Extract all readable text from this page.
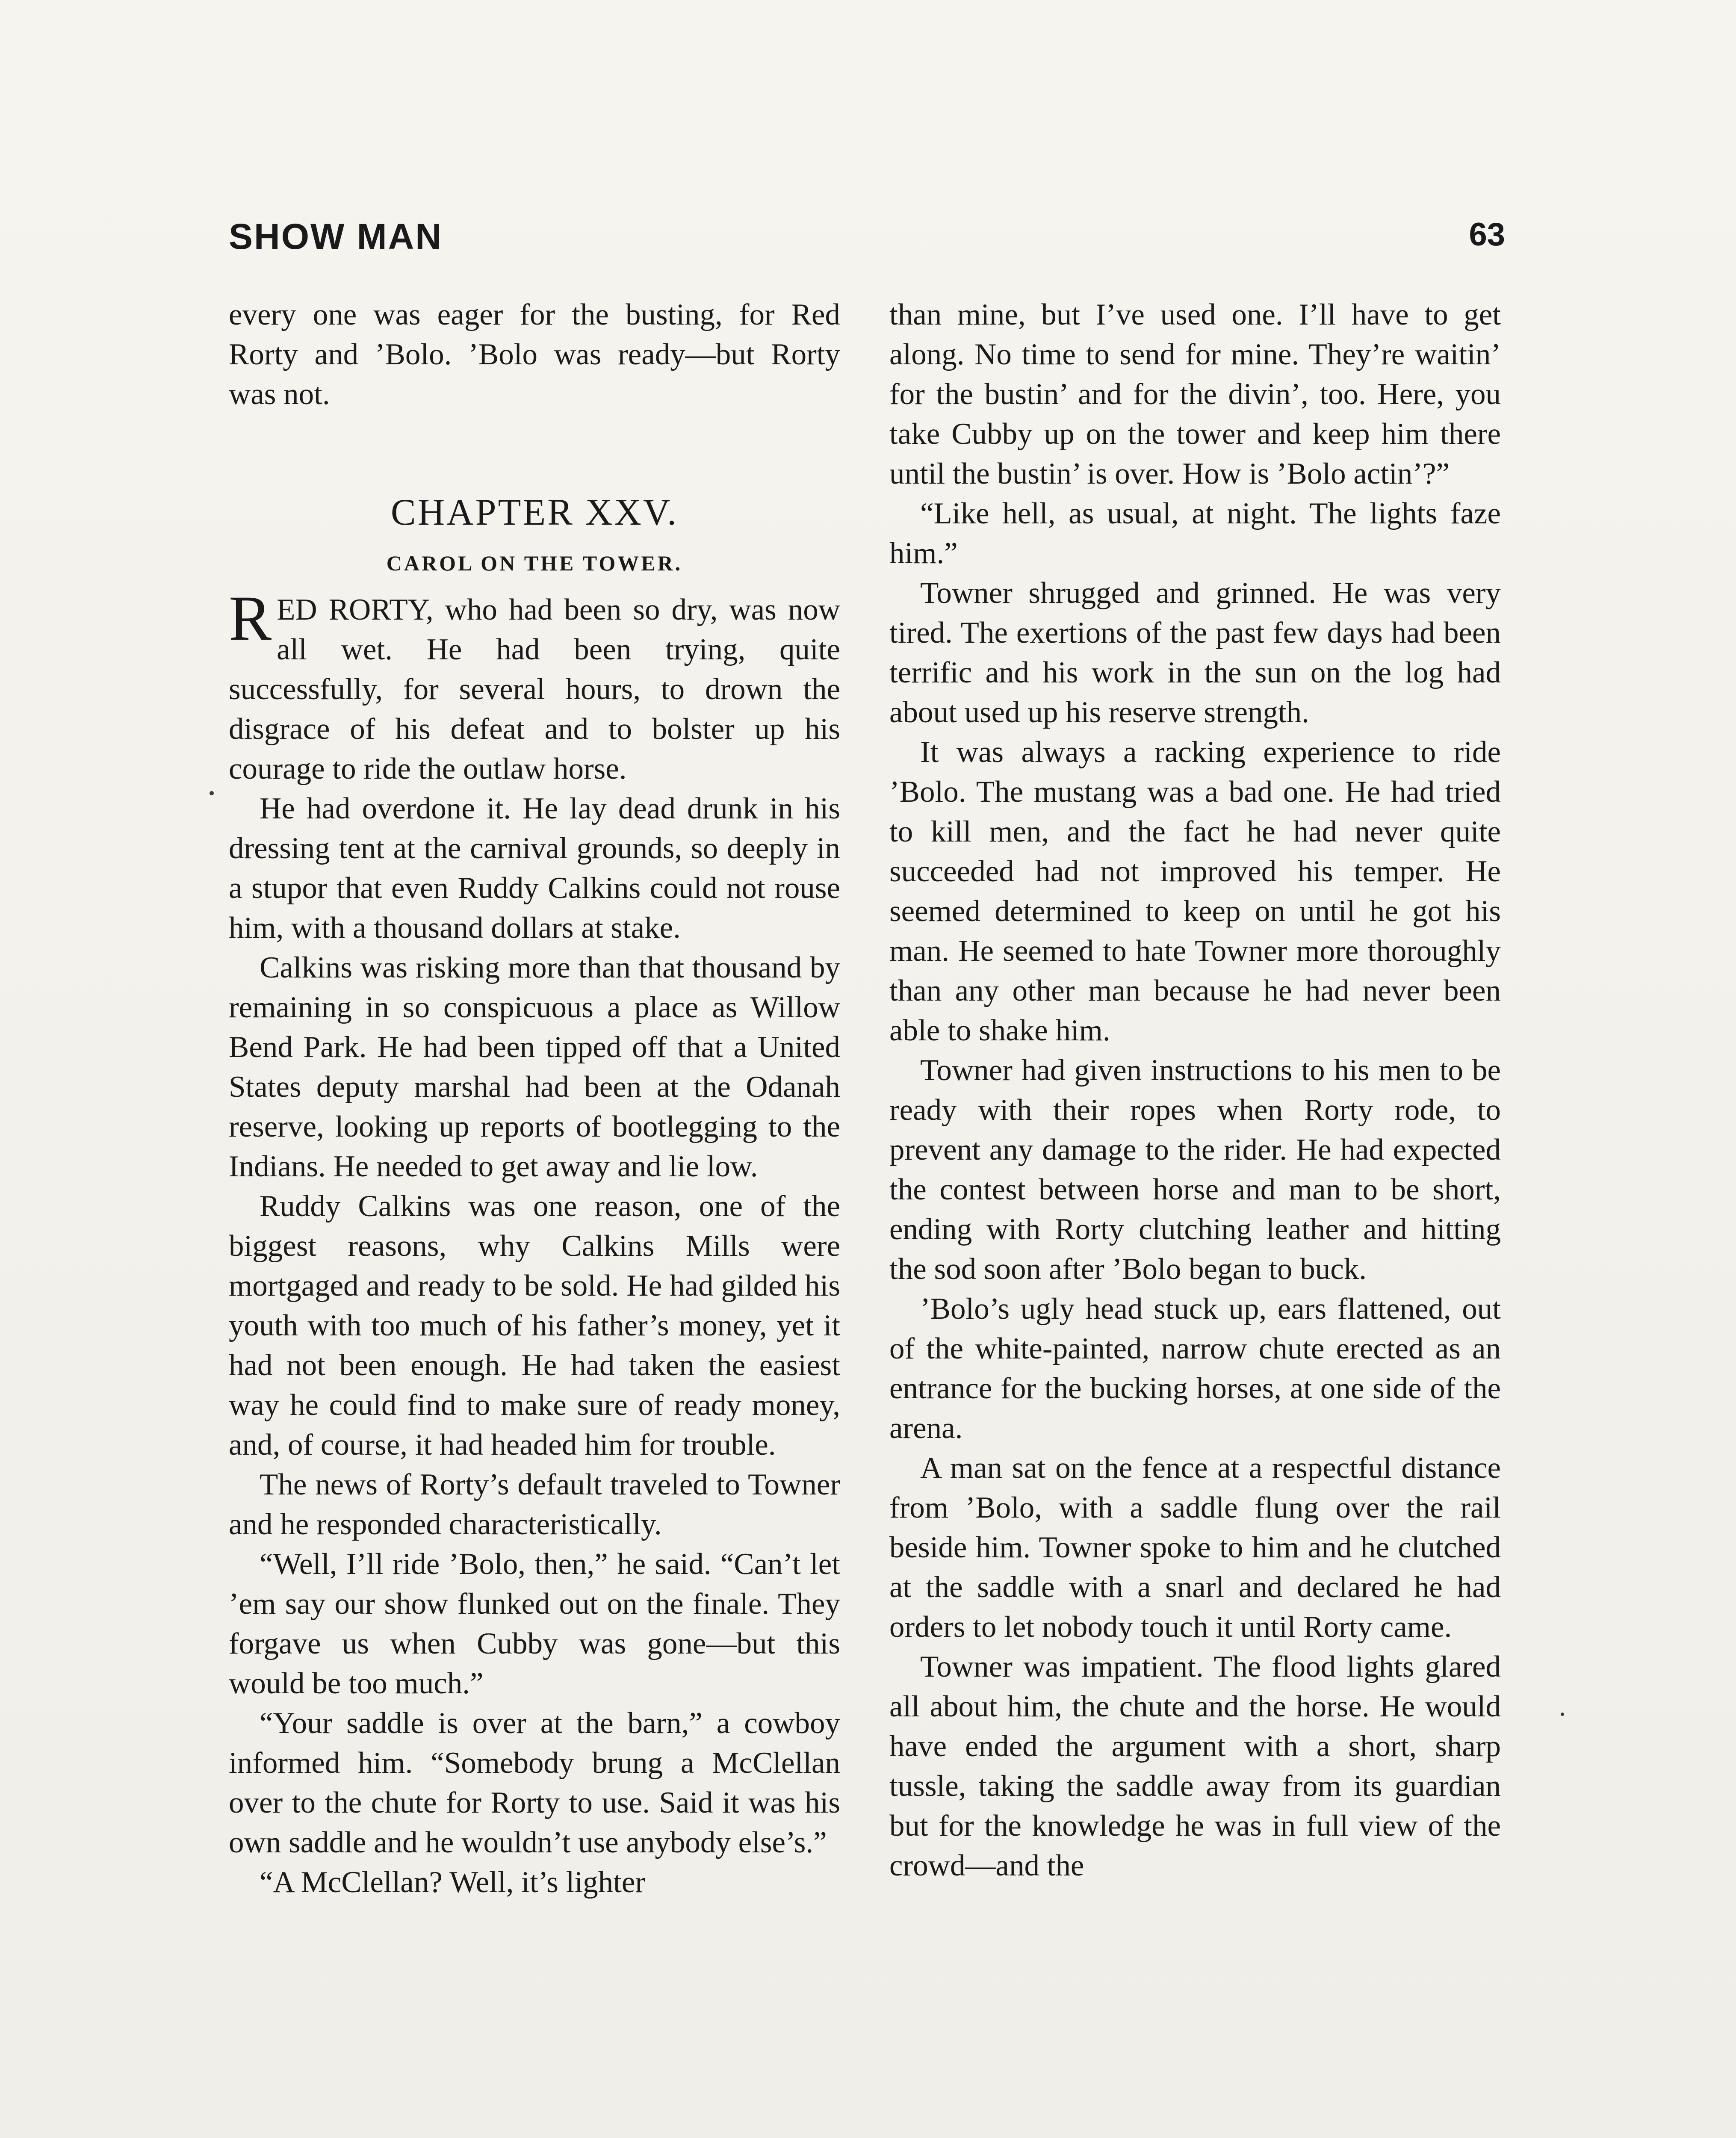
SHOW MAN	63

every one was eager for the busting, for Red Rorty and ’Bolo. ’Bolo was ready—but Rorty was not.

CHAPTER XXV.
CAROL ON THE TOWER.

RED RORTY, who had been so dry, was now all wet. He had been trying, quite successfully, for several hours, to drown the disgrace of his defeat and to bolster up his courage to ride the outlaw horse.

He had overdone it. He lay dead drunk in his dressing tent at the carnival grounds, so deeply in a stupor that even Ruddy Calkins could not rouse him, with a thousand dollars at stake.

Calkins was risking more than that thousand by remaining in so conspicuous a place as Willow Bend Park. He had been tipped off that a United States deputy marshal had been at the Odanah reserve, looking up reports of bootlegging to the Indians. He needed to get away and lie low.

Ruddy Calkins was one reason, one of the biggest reasons, why Calkins Mills were mortgaged and ready to be sold. He had gilded his youth with too much of his father’s money, yet it had not been enough. He had taken the easiest way he could find to make sure of ready money, and, of course, it had headed him for trouble.

The news of Rorty’s default traveled to Towner and he responded characteristically.

“Well, I’ll ride ’Bolo, then,” he said. “Can’t let ’em say our show flunked out on the finale. They forgave us when Cubby was gone—but this would be too much.”

“Your saddle is over at the barn,” a cowboy informed him. “Somebody brung a McClellan over to the chute for Rorty to use. Said it was his own saddle and he wouldn’t use anybody else’s.”

“A McClellan? Well, it’s lighter

than mine, but I’ve used one. I’ll have to get along. No time to send for mine. They’re waitin’ for the bustin’ and for the divin’, too. Here, you take Cubby up on the tower and keep him there until the bustin’ is over. How is ’Bolo actin’?”

“Like hell, as usual, at night. The lights faze him.”

Towner shrugged and grinned. He was very tired. The exertions of the past few days had been terrific and his work in the sun on the log had about used up his reserve strength.

It was always a racking experience to ride ’Bolo. The mustang was a bad one. He had tried to kill men, and the fact he had never quite succeeded had not improved his temper. He seemed determined to keep on until he got his man. He seemed to hate Towner more thoroughly than any other man because he had never been able to shake him.

Towner had given instructions to his men to be ready with their ropes when Rorty rode, to prevent any damage to the rider. He had expected the contest between horse and man to be short, ending with Rorty clutching leather and hitting the sod soon after ’Bolo began to buck.

’Bolo’s ugly head stuck up, ears flattened, out of the white-painted, narrow chute erected as an entrance for the bucking horses, at one side of the arena.

A man sat on the fence at a respectful distance from ’Bolo, with a saddle flung over the rail beside him. Towner spoke to him and he clutched at the saddle with a snarl and declared he had orders to let nobody touch it until Rorty came.

Towner was impatient. The flood lights glared all about him, the chute and the horse. He would have ended the argument with a short, sharp tussle, taking the saddle away from its guardian but for the knowledge he was in full view of the crowd—and the
